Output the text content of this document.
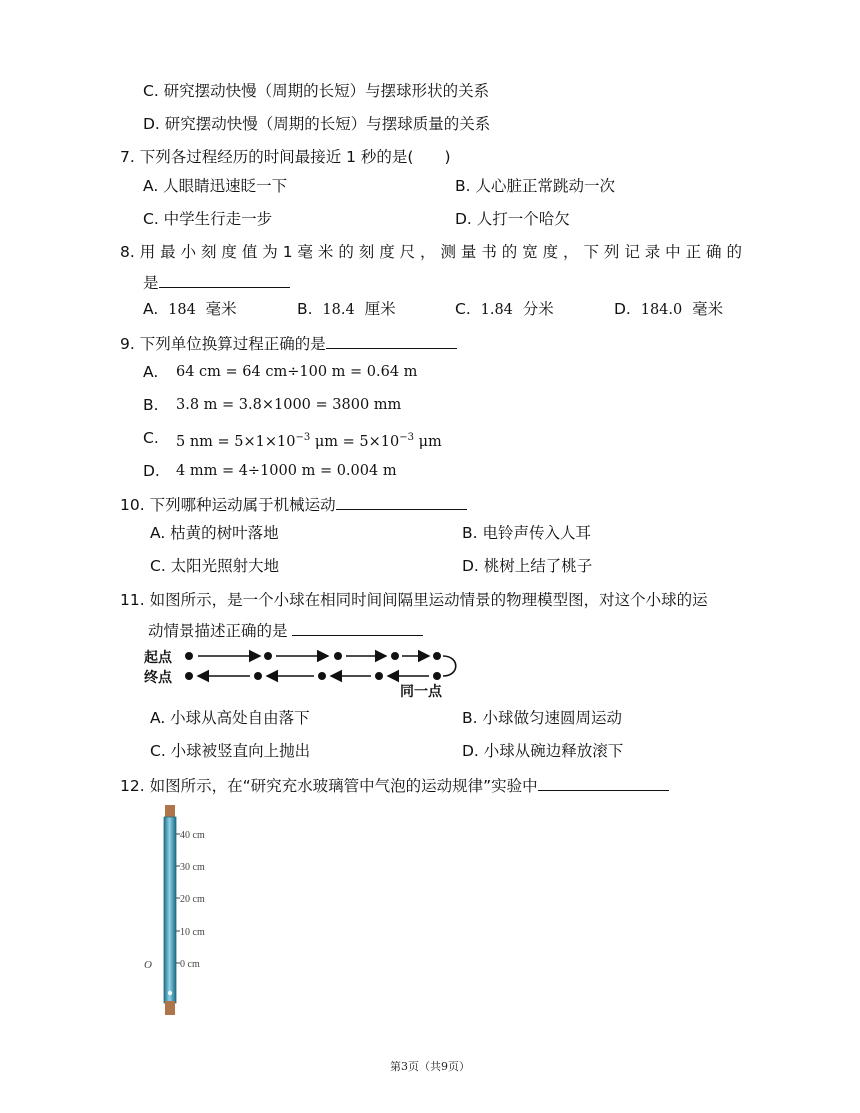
C. 研究摆动快慢（周期的长短）与摆球形状的关系
D. 研究摆动快慢（周期的长短）与摆球质量的关系
7. 下列各过程经历的时间最接近 1 秒的是(　　)
A. 人眼睛迅速眨一下	B. 人心脏正常跳动一次
C. 中学生行走一步	D. 人打一个哈欠
8. 用 最 小 刻 度 值 为 1 毫 米 的 刻 度 尺 ， 测 量 书 的 宽 度 ， 下 列 记 录 中 正 确 的
是
A. 184 毫米	B. 18.4 厘米	C. 1.84 分米	D. 184.0 毫米
9. 下列单位换算过程正确的是
A. 64 cm = 64 cm÷100 m = 0.64 m
B. 3.8 m = 3.8×1000 = 3800 mm
C. 5 nm = $5\times 1\times 10^{-3}$ $\mu m = 5\times 10^{-3}$ μm
D. 4 mm = 4÷1000 m = 0.004 m
10. 下列哪种运动属于机械运动
A. 枯黄的树叶落地	B. 电铃声传入人耳
C. 太阳光照射大地	D. 桃树上结了桃子
11. 如图所示，是一个小球在相同时间间隔里运动情景的物理模型图，对这个小球的运
动情景描述正确的是
起点
终点
同一点
A. 小球从高处自由落下	B. 小球做匀速圆周运动
C. 小球被竖直向上抛出	D. 小球从碗边释放滚下
12. 如图所示，在“研究充水玻璃管中气泡的运动规律”实验中
40 cm
30 cm
20 cm
10 cm
0 cm
O
第3页（共9页）
